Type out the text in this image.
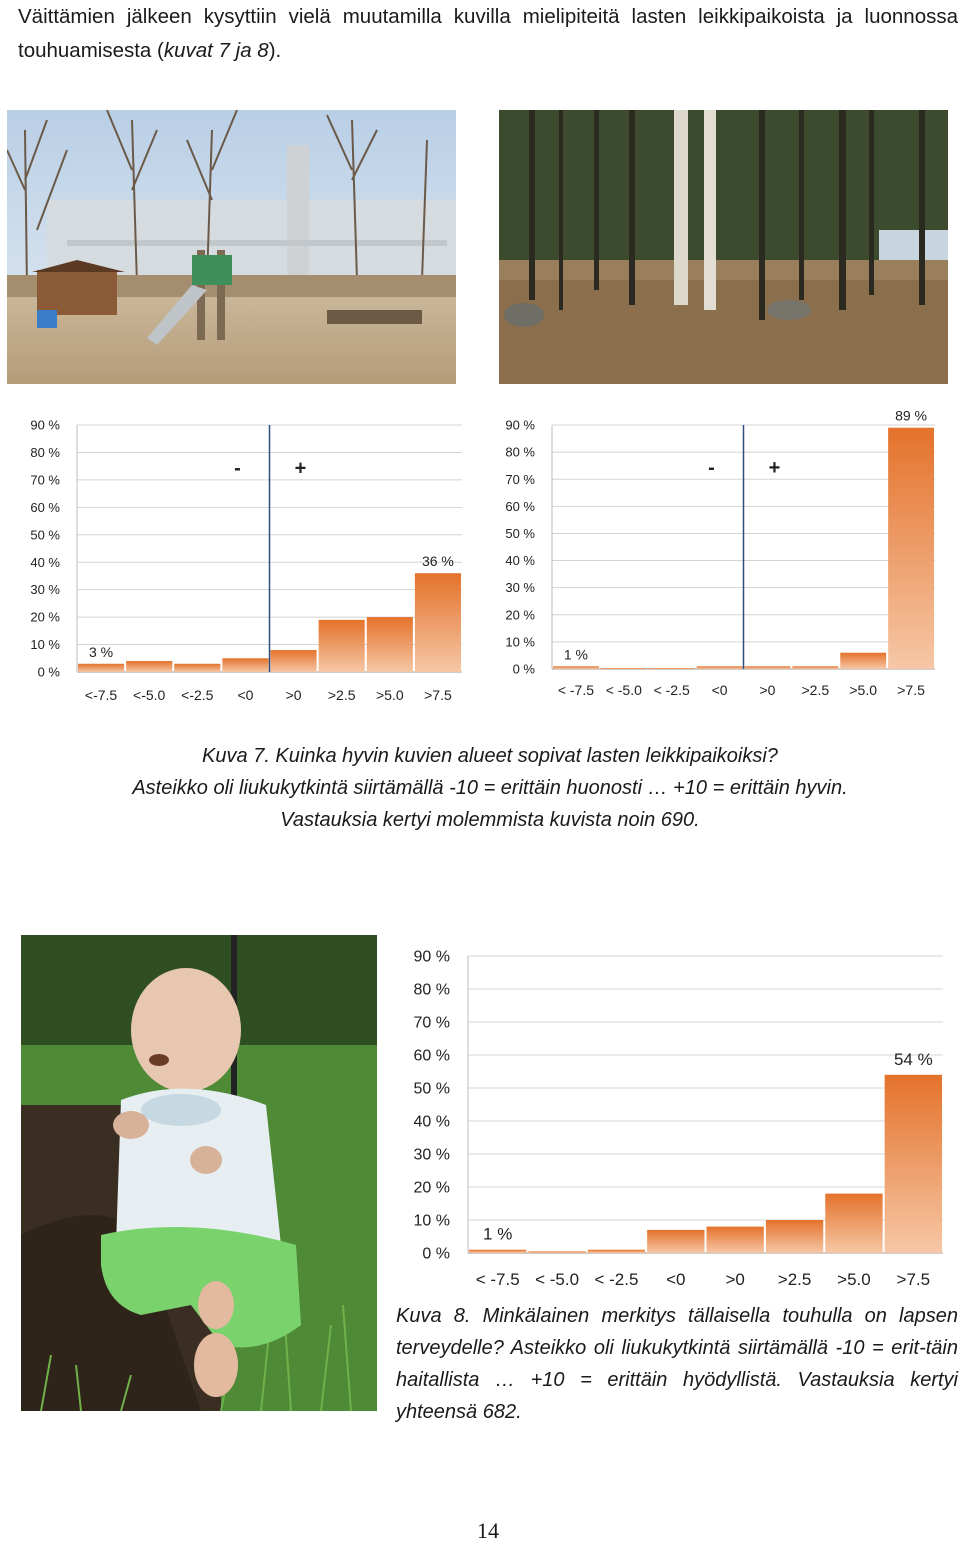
Väittämien jälkeen kysyttiin vielä muutamilla kuvilla mielipiteitä lasten leikkipaikoista ja luonnossa touhuamisesta (kuvat 7 ja 8).

0 %
10 %
20 %
30 %
40 %
50 %
60 %
70 %
80 %
90 %
<-7.5 <-5.0 <-2.5 <0 >0 >2.5 >5.0 >7.5
3 %
36 %
-	+
0 %
10 %
20 %
30 %
40 %
50 %
60 %
70 %
80 %
90 %
< -7.5 < -5.0 < -2.5 <0 >0 >2.5 >5.0 >7.5
1 %
89 %
-	+

Kuva 7. Kuinka hyvin kuvien alueet sopivat lasten leikkipaikoiksi?

Asteikko oli liukukytkintä siirtämällä -10 = erittäin huonosti … +10 = erittäin hyvin.

Vastauksia kertyi molemmista kuvista noin 690.

0 %
10 %
20 %
30 %
40 %
50 %
60 %
70 %
80 %
90 %
< -7.5 < -5.0 < -2.5 <0 >0 >2.5 >5.0 >7.5
1 %
54 %

Kuva 8. Minkälainen merkitys tällaisella touhulla on lapsen terveydelle? Asteikko oli liukukytkintä siirtämällä -10 = erit-täin haitallista … +10 = erittäin hyödyllistä. Vastauksia kertyi yhteensä 682.

14
